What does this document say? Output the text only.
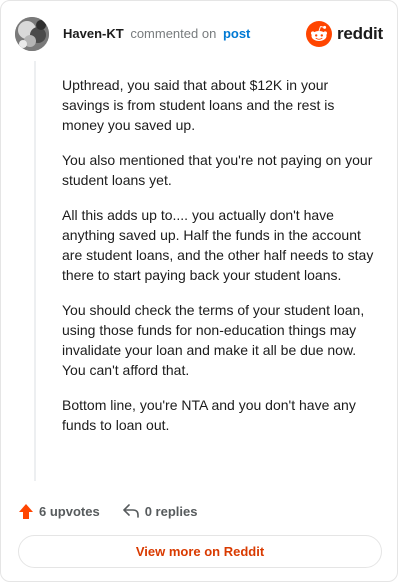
Haven-KT commented on post	reddit

Upthread, you said that about $12K in your savings is from student loans and the rest is money you saved up.

You also mentioned that you're not paying on your student loans yet.

All this adds up to.... you actually don't have anything saved up. Half the funds in the account are student loans, and the other half needs to stay there to start paying back your student loans.

You should check the terms of your student loan, using those funds for non-education things may invalidate your loan and make it all be due now. You can't afford that.

Bottom line, you're NTA and you don't have any funds to loan out.

6 upvotes	0 replies
View more on Reddit
